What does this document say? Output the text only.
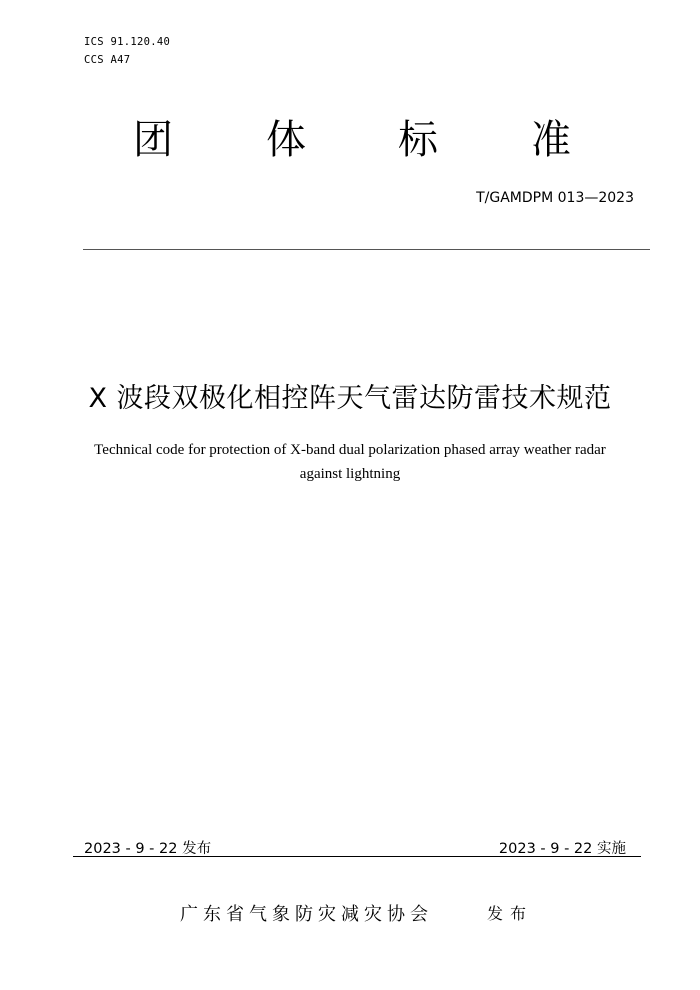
ICS 91.120.40
CCS A47
团 体 标 准
T/GAMDPM 013—2023
X 波段双极化相控阵天气雷达防雷技术规范
Technical code for protection of X-band dual polarization phased array weather radar
against lightning
2023 - 9 - 22 发布	2023 - 9 - 22 实施
广东省气象防灾减灾协会	发布
